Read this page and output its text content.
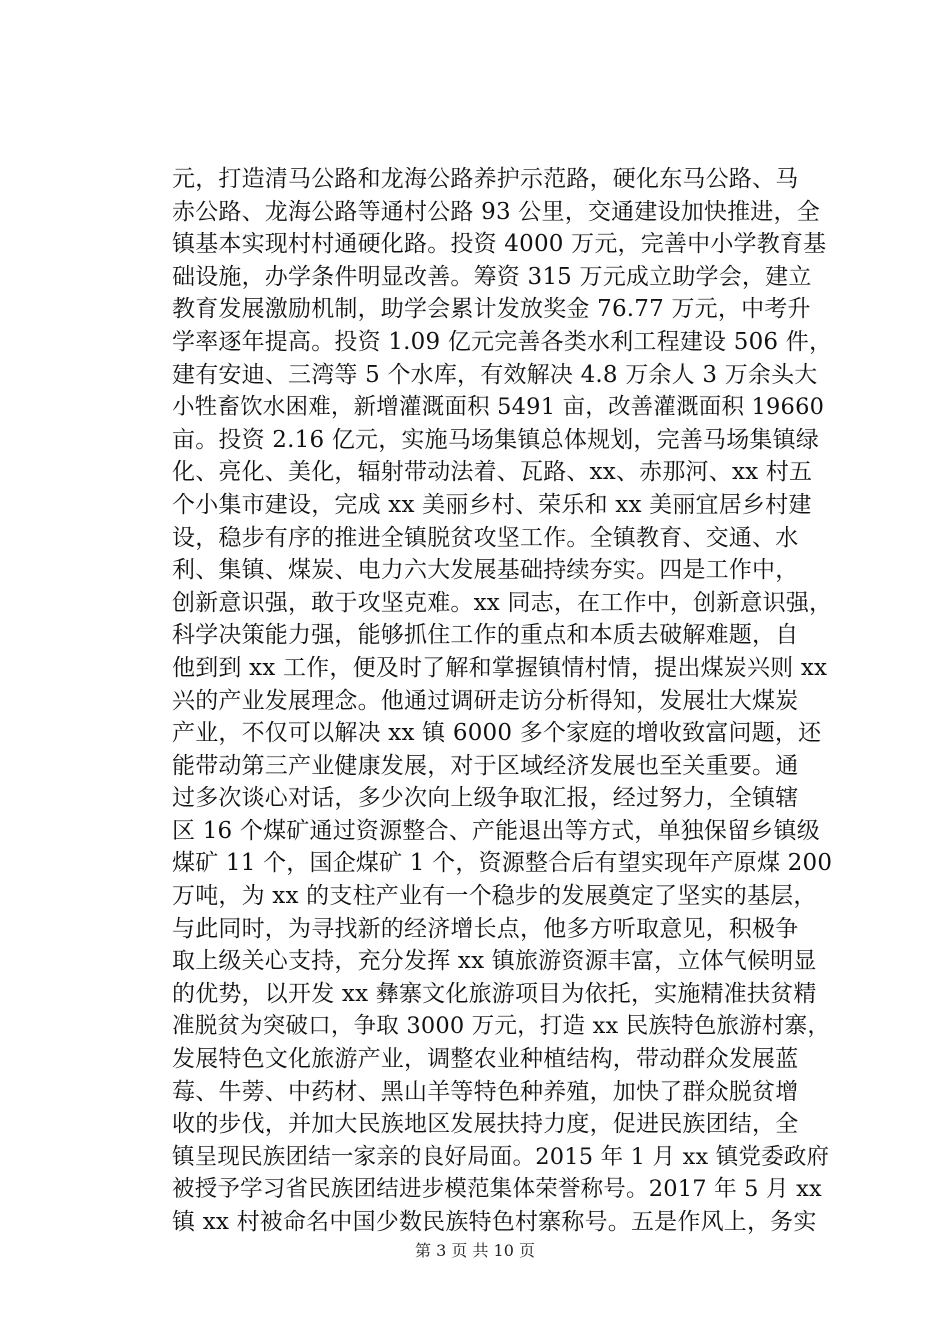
元，打造清马公路和龙海公路养护示范路，硬化东马公路、马
赤公路、龙海公路等通村公路 93 公里，交通建设加快推进，全
镇基本实现村村通硬化路。投资 4000 万元，完善中小学教育基
础设施，办学条件明显改善。筹资 315 万元成立助学会，建立
教育发展激励机制，助学会累计发放奖金 76.77 万元，中考升
学率逐年提高。投资 1.09 亿元完善各类水利工程建设 506 件，
建有安迪、三湾等 5 个水库，有效解决 4.8 万余人 3 万余头大
小牲畜饮水困难，新增灌溉面积 5491 亩，改善灌溉面积 19660
亩。投资 2.16 亿元，实施马场集镇总体规划，完善马场集镇绿
化、亮化、美化，辐射带动法着、瓦路、xx、赤那河、xx 村五
个小集市建设，完成 xx 美丽乡村、荣乐和 xx 美丽宜居乡村建
设，稳步有序的推进全镇脱贫攻坚工作。全镇教育、交通、水
利、集镇、煤炭、电力六大发展基础持续夯实。四是工作中，
创新意识强，敢于攻坚克难。xx 同志，在工作中，创新意识强，
科学决策能力强，能够抓住工作的重点和本质去破解难题，自
他到到 xx 工作，便及时了解和掌握镇情村情，提出煤炭兴则 xx
兴的产业发展理念。他通过调研走访分析得知，发展壮大煤炭
产业，不仅可以解决 xx 镇 6000 多个家庭的增收致富问题，还
能带动第三产业健康发展，对于区域经济发展也至关重要。通
过多次谈心对话，多少次向上级争取汇报，经过努力，全镇辖
区 16 个煤矿通过资源整合、产能退出等方式，单独保留乡镇级
煤矿 11 个，国企煤矿 1 个，资源整合后有望实现年产原煤 200
万吨，为 xx 的支柱产业有一个稳步的发展奠定了坚实的基层，
与此同时，为寻找新的经济增长点，他多方听取意见，积极争
取上级关心支持，充分发挥 xx 镇旅游资源丰富，立体气候明显
的优势，以开发 xx 彝寨文化旅游项目为依托，实施精准扶贫精
准脱贫为突破口，争取 3000 万元，打造 xx 民族特色旅游村寨，
发展特色文化旅游产业，调整农业种植结构，带动群众发展蓝
莓、牛蒡、中药材、黑山羊等特色种养殖，加快了群众脱贫增
收的步伐，并加大民族地区发展扶持力度，促进民族团结，全
镇呈现民族团结一家亲的良好局面。2015 年 1 月 xx 镇党委政府
被授予学习省民族团结进步模范集体荣誉称号。2017 年 5 月 xx
镇 xx 村被命名中国少数民族特色村寨称号。五是作风上，务实
第 3 页 共 10 页
